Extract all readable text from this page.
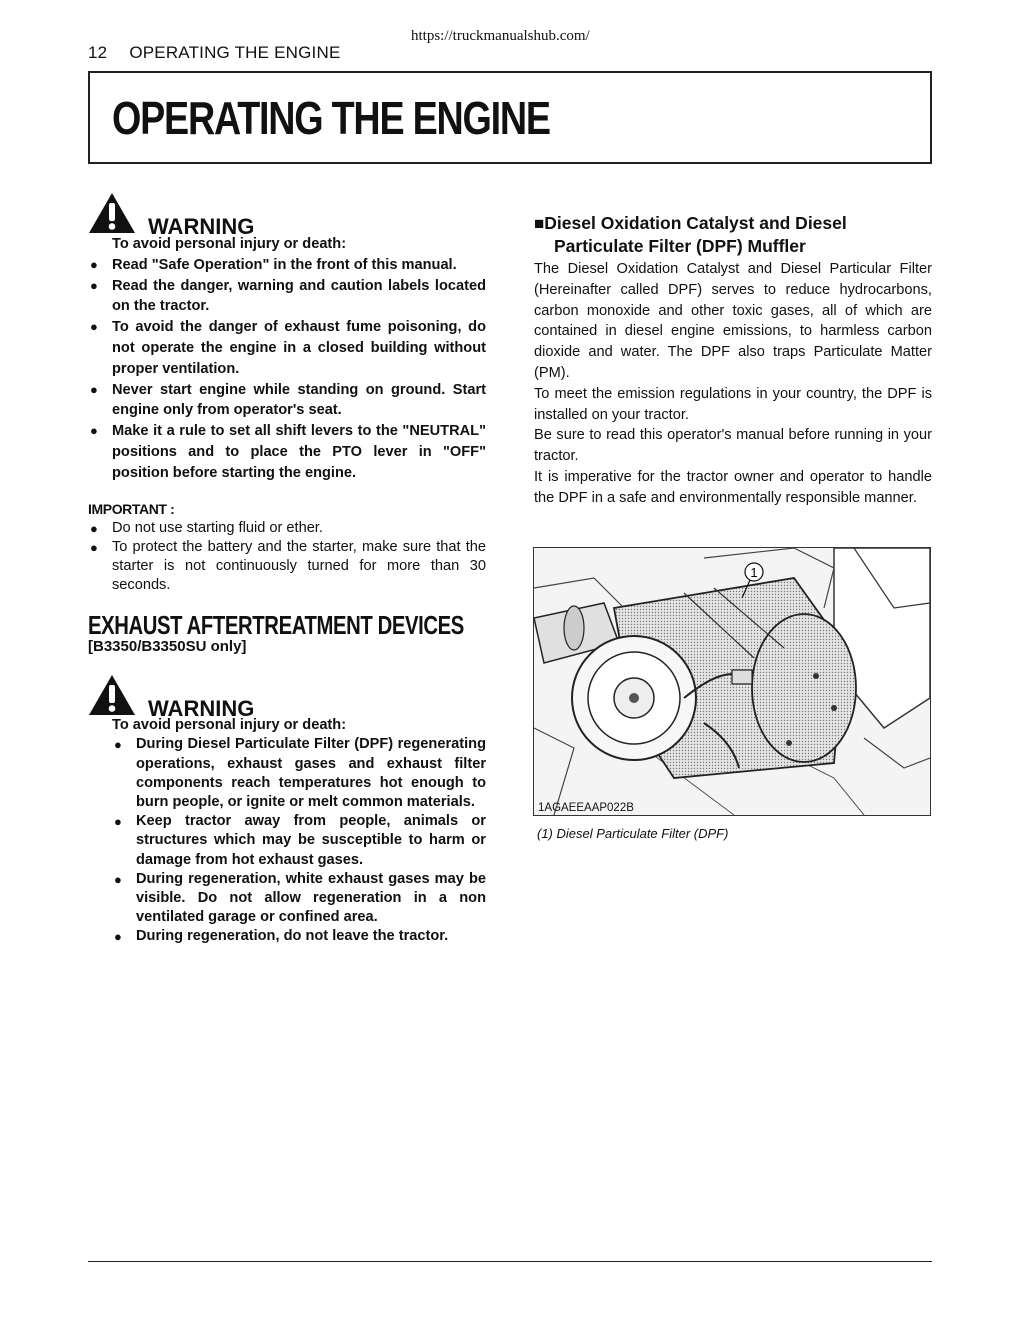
https://truckmanualshub.com/
12 OPERATING THE ENGINE
OPERATING THE ENGINE
WARNING
To avoid personal injury or death:
● Read "Safe Operation" in the front of this manual.
● Read the danger, warning and caution labels located on the tractor.
● To avoid the danger of exhaust fume poisoning, do not operate the engine in a closed building without proper ventilation.
● Never start engine while standing on ground. Start engine only from operator's seat.
● Make it a rule to set all shift levers to the "NEUTRAL" positions and to place the PTO lever in "OFF" position before starting the engine.
IMPORTANT :
● Do not use starting fluid or ether.
● To protect the battery and the starter, make sure that the starter is not continuously turned for more than 30 seconds.
EXHAUST AFTERTREATMENT DEVICES
[B3350/B3350SU only]
WARNING
To avoid personal injury or death:
● During Diesel Particulate Filter (DPF) regenerating operations, exhaust gases and exhaust filter components reach temperatures hot enough to burn people, or ignite or melt common materials.
● Keep tractor away from people, animals or structures which may be susceptible to harm or damage from hot exhaust gases.
● During regeneration, white exhaust gases may be visible. Do not allow regeneration in a non ventilated garage or confined area.
● During regeneration, do not leave the tractor.
■Diesel Oxidation Catalyst and Diesel
Particulate Filter (DPF) Muffler
The Diesel Oxidation Catalyst and Diesel Particular Filter (Hereinafter called DPF) serves to reduce hydrocarbons, carbon monoxide and other toxic gases, all of which are contained in diesel engine emissions, to harmless carbon dioxide and water. The DPF also traps Particulate Matter (PM).
To meet the emission regulations in your country, the DPF is installed on your tractor.
Be sure to read this operator's manual before running in your tractor.
It is imperative for the tractor owner and operator to handle the DPF in a safe and environmentally responsible manner.
1
1AGAEEAAP022B
(1) Diesel Particulate Filter (DPF)
